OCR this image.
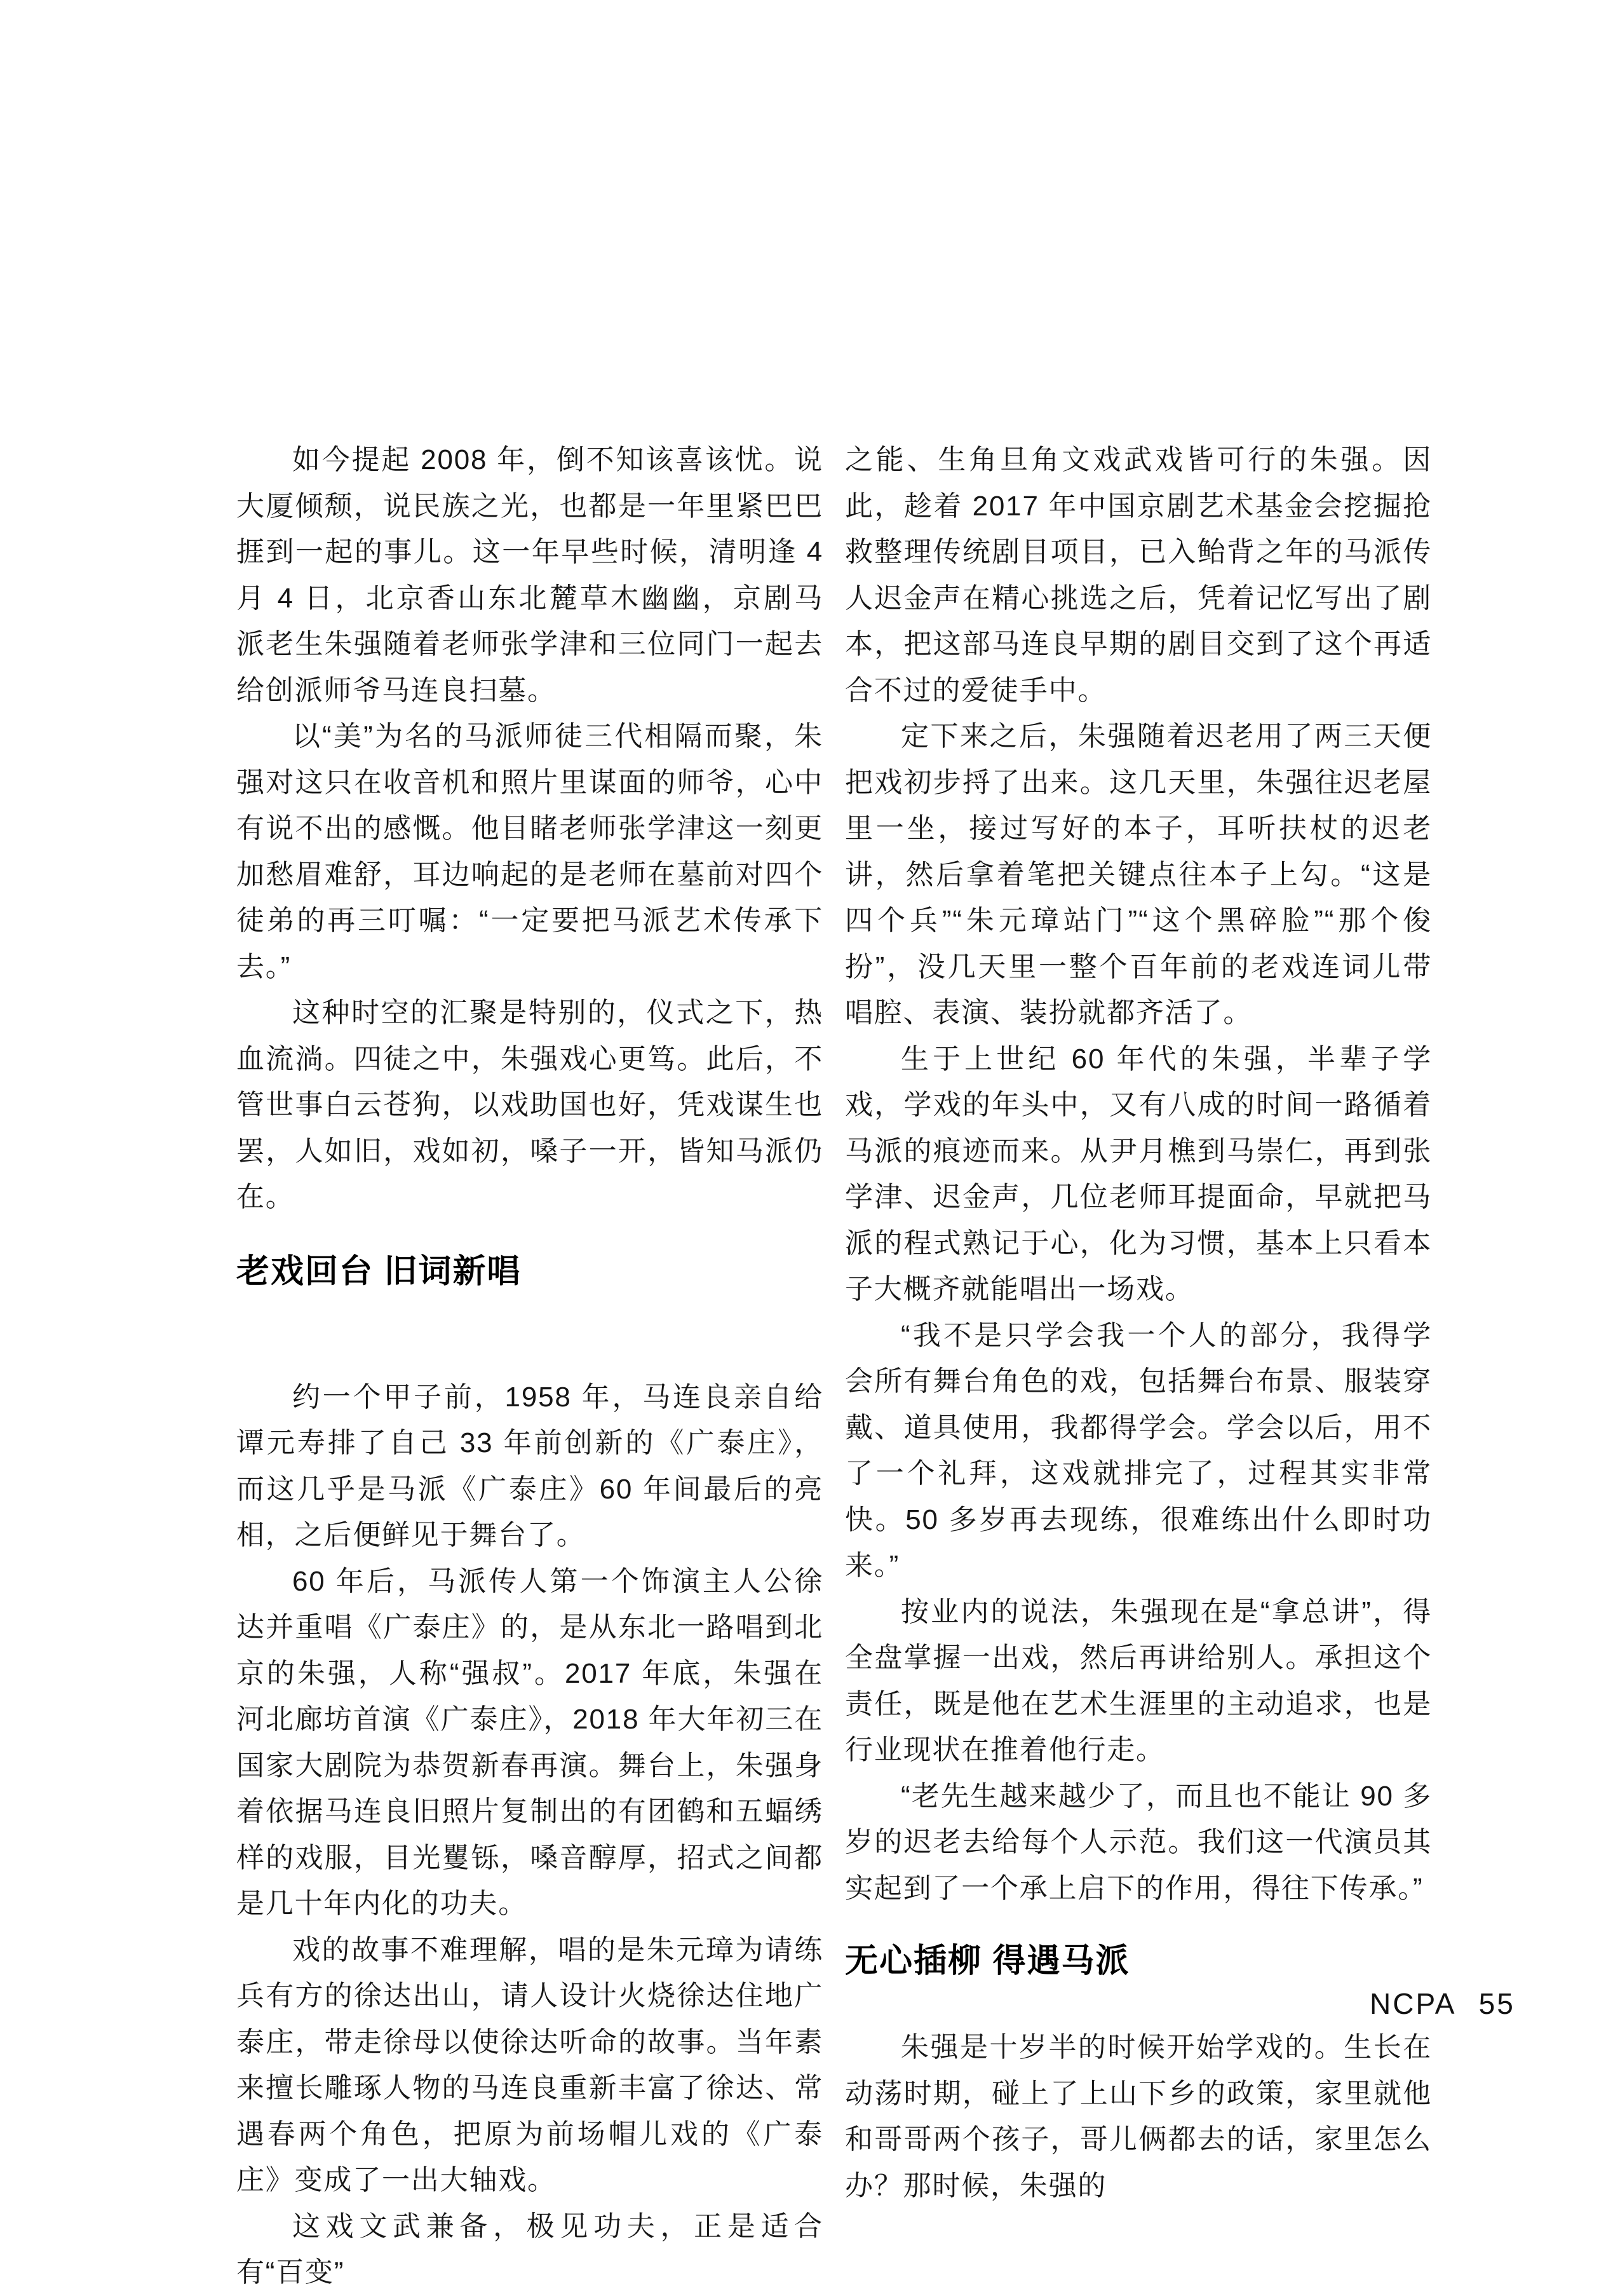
如今提起 2008 年，倒不知该喜该忧。说大厦倾颓，说民族之光，也都是一年里紧巴巴捱到一起的事儿。这一年早些时候，清明逢 4 月 4 日，北京香山东北麓草木幽幽，京剧马派老生朱强随着老师张学津和三位同门一起去给创派师爷马连良扫墓。

以“美”为名的马派师徒三代相隔而聚，朱强对这只在收音机和照片里谋面的师爷，心中有说不出的感慨。他目睹老师张学津这一刻更加愁眉难舒，耳边响起的是老师在墓前对四个徒弟的再三叮嘱：“一定要把马派艺术传承下去。”

这种时空的汇聚是特别的，仪式之下，热血流淌。四徒之中，朱强戏心更笃。此后，不管世事白云苍狗，以戏助国也好，凭戏谋生也罢，人如旧，戏如初，嗓子一开，皆知马派仍在。

老戏回台 旧词新唱

约一个甲子前，1958 年，马连良亲自给谭元寿排了自己 33 年前创新的《广泰庄》，而这几乎是马派《广泰庄》60 年间最后的亮相，之后便鲜见于舞台了。

60 年后，马派传人第一个饰演主人公徐达并重唱《广泰庄》的，是从东北一路唱到北京的朱强，人称“强叔”。2017 年底，朱强在河北廊坊首演《广泰庄》，2018 年大年初三在国家大剧院为恭贺新春再演。舞台上，朱强身着依据马连良旧照片复制出的有团鹤和五蝠绣样的戏服，目光矍铄，嗓音醇厚，招式之间都是几十年内化的功夫。

戏的故事不难理解，唱的是朱元璋为请练兵有方的徐达出山，请人设计火烧徐达住地广泰庄，带走徐母以使徐达听命的故事。当年素来擅长雕琢人物的马连良重新丰富了徐达、常遇春两个角色，把原为前场帽儿戏的《广泰庄》变成了一出大轴戏。

这戏文武兼备，极见功夫，正是适合有“百变”

之能、生角旦角文戏武戏皆可行的朱强。因此，趁着 2017 年中国京剧艺术基金会挖掘抢救整理传统剧目项目，已入鲐背之年的马派传人迟金声在精心挑选之后，凭着记忆写出了剧本，把这部马连良早期的剧目交到了这个再适合不过的爱徒手中。

定下来之后，朱强随着迟老用了两三天便把戏初步捋了出来。这几天里，朱强往迟老屋里一坐，接过写好的本子，耳听扶杖的迟老讲，然后拿着笔把关键点往本子上勾。“这是四个兵”“朱元璋站门”“这个黑碎脸”“那个俊扮”，没几天里一整个百年前的老戏连词儿带唱腔、表演、装扮就都齐活了。

生于上世纪 60 年代的朱强，半辈子学戏，学戏的年头中，又有八成的时间一路循着马派的痕迹而来。从尹月樵到马崇仁，再到张学津、迟金声，几位老师耳提面命，早就把马派的程式熟记于心，化为习惯，基本上只看本子大概齐就能唱出一场戏。

“我不是只学会我一个人的部分，我得学会所有舞台角色的戏，包括舞台布景、服装穿戴、道具使用，我都得学会。学会以后，用不了一个礼拜，这戏就排完了，过程其实非常快。50 多岁再去现练，很难练出什么即时功来。”

按业内的说法，朱强现在是“拿总讲”，得全盘掌握一出戏，然后再讲给别人。承担这个责任，既是他在艺术生涯里的主动追求，也是行业现状在推着他行走。

“老先生越来越少了，而且也不能让 90 多岁的迟老去给每个人示范。我们这一代演员其实起到了一个承上启下的作用，得往下传承。”

无心插柳 得遇马派

朱强是十岁半的时候开始学戏的。生长在动荡时期，碰上了上山下乡的政策，家里就他和哥哥两个孩子，哥儿俩都去的话，家里怎么办？那时候，朱强的

NCPA 55
